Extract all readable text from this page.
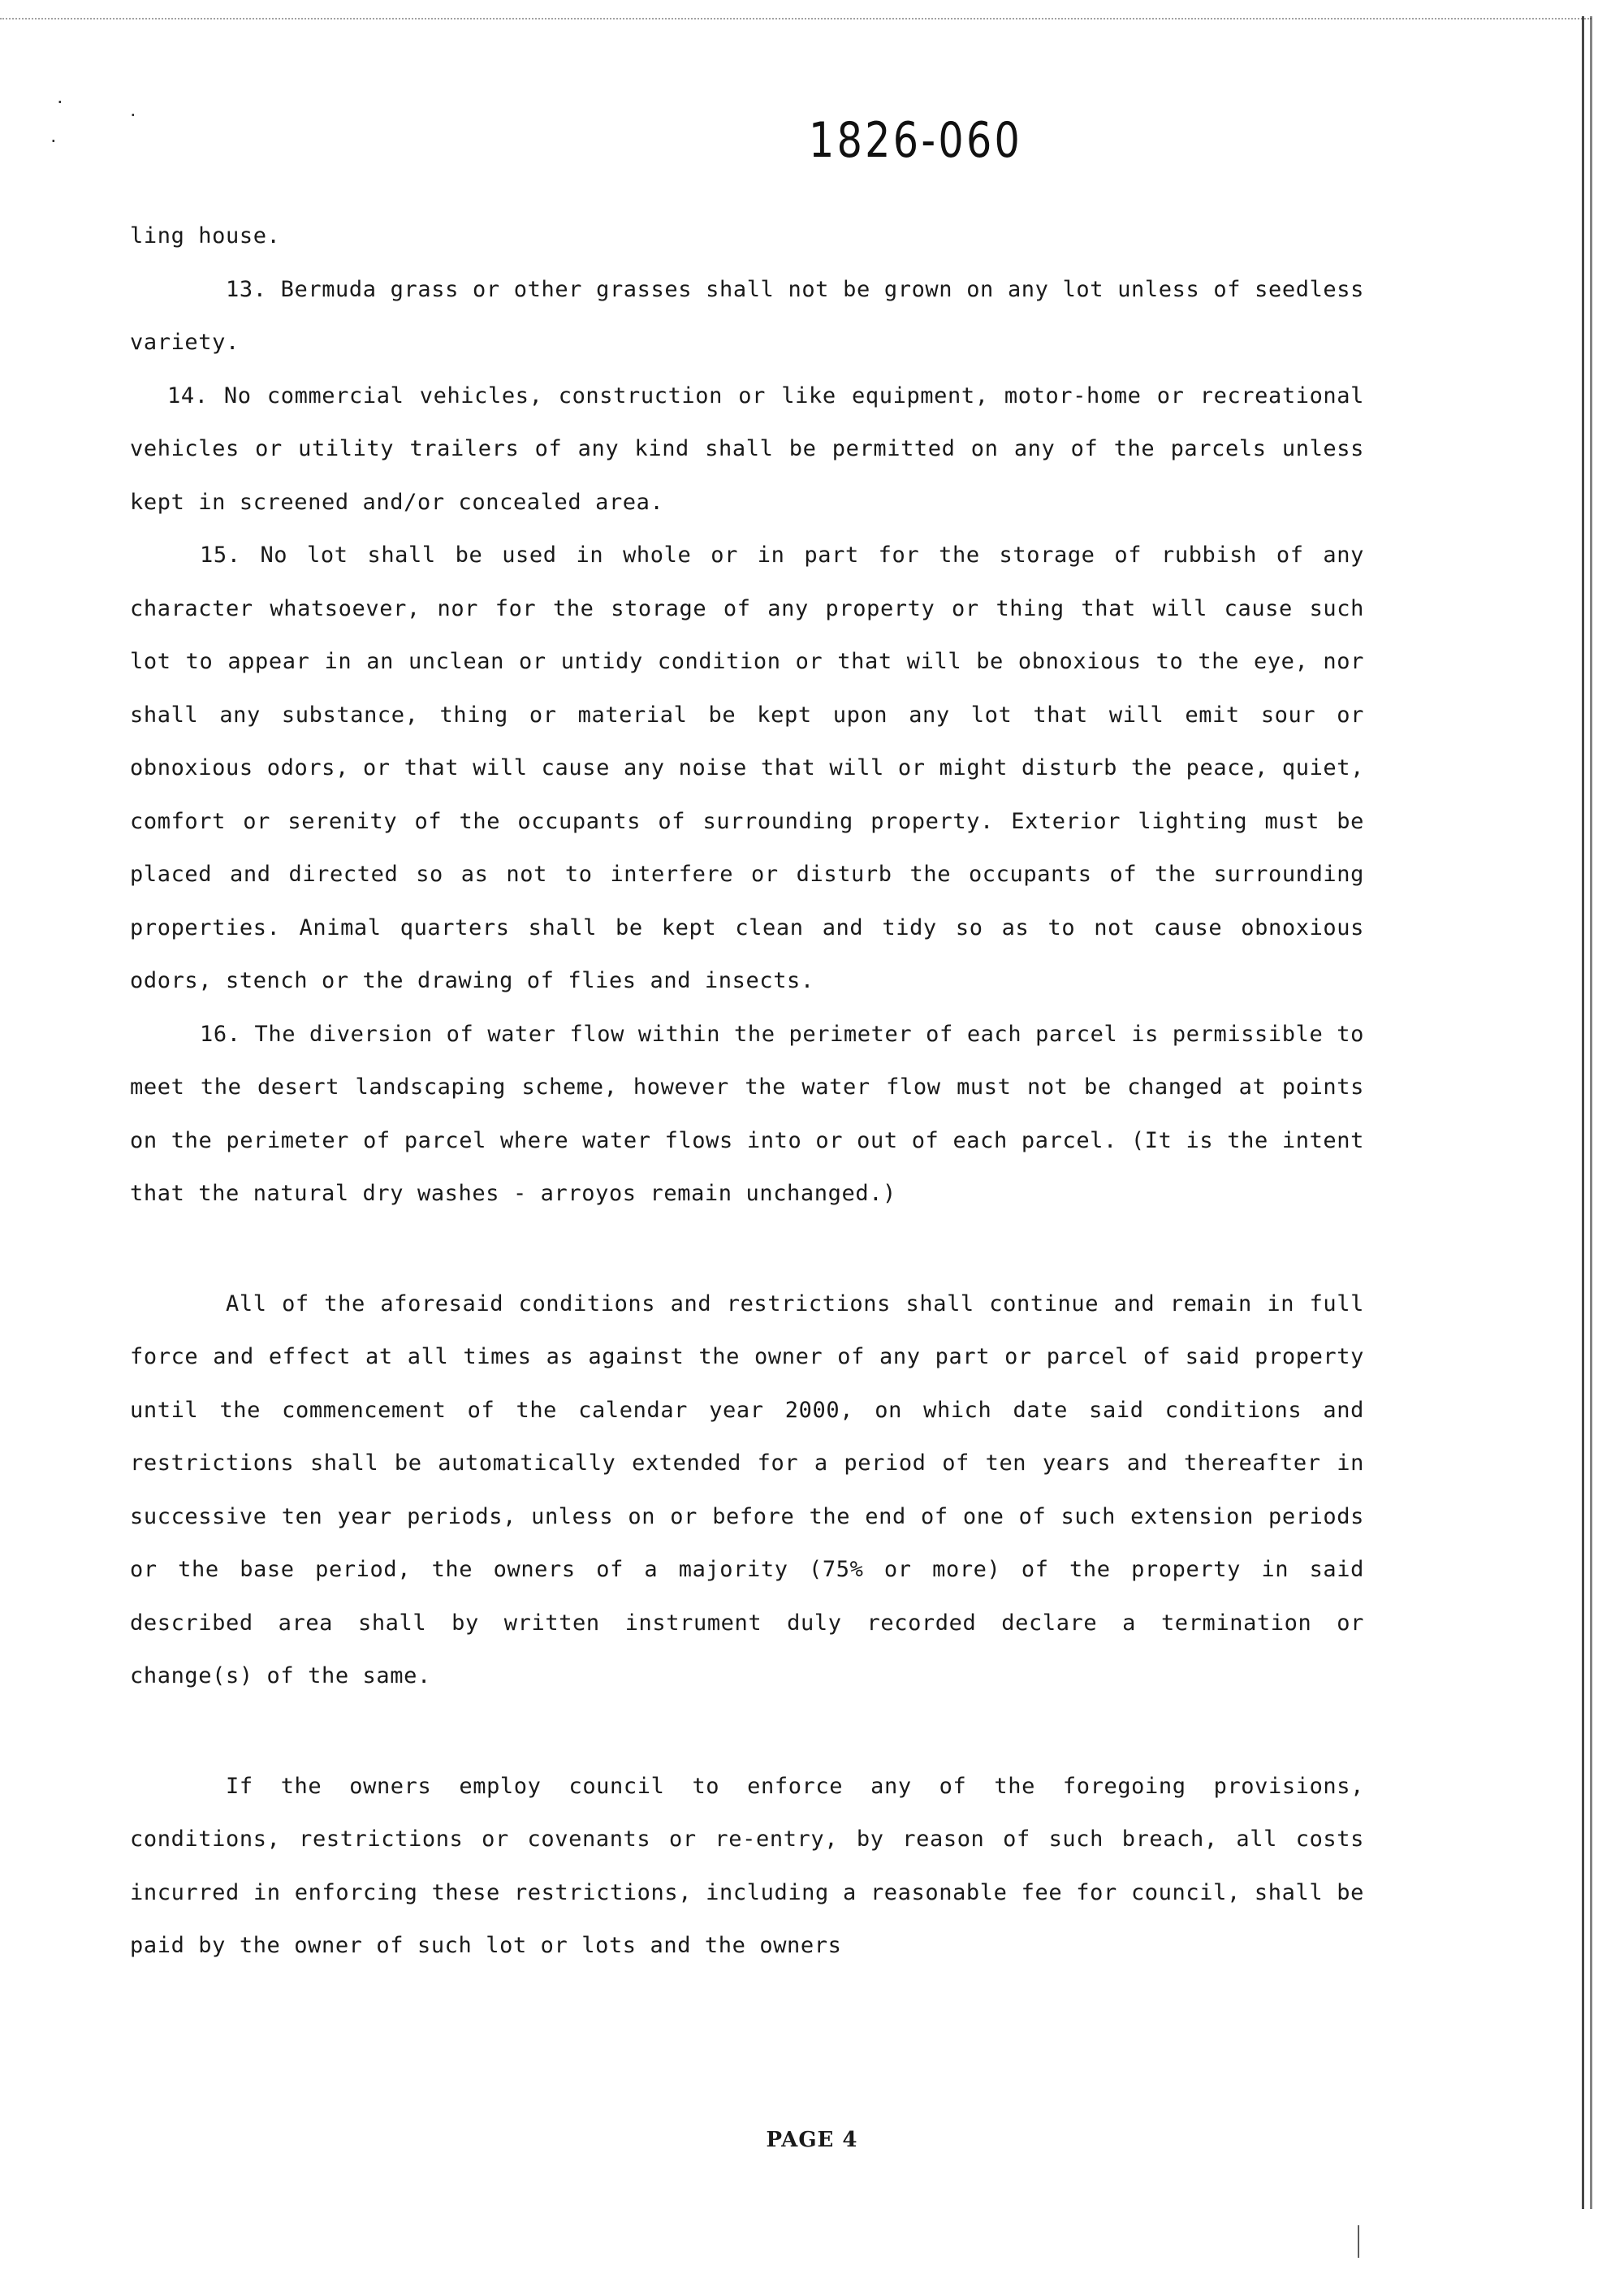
·
·
·	1826-060

ling house.

13. Bermuda grass or other grasses shall not be grown on any lot unless of seedless variety.

14. No commercial vehicles, construction or like equipment, motor-home or recreational vehicles or utility trailers of any kind shall be permitted on any of the parcels unless kept in screened and/or concealed area.

15. No lot shall be used in whole or in part for the storage of rubbish of any character whatsoever, nor for the storage of any property or thing that will cause such lot to appear in an unclean or untidy condition or that will be obnoxious to the eye, nor shall any substance, thing or material be kept upon any lot that will emit sour or obnoxious odors, or that will cause any noise that will or might disturb the peace, quiet, comfort or serenity of the occupants of surrounding property. Exterior lighting must be placed and directed so as not to interfere or disturb the occupants of the surrounding properties. Animal quarters shall be kept clean and tidy so as to not cause obnoxious odors, stench or the drawing of flies and insects.

16. The diversion of water flow within the perimeter of each parcel is permissible to meet the desert landscaping scheme, however the water flow must not be changed at points on the perimeter of parcel where water flows into or out of each parcel. (It is the intent that the natural dry washes - arroyos remain unchanged.)

All of the aforesaid conditions and restrictions shall continue and remain in full force and effect at all times as against the owner of any part or parcel of said property until the commencement of the calendar year 2000, on which date said conditions and restrictions shall be automatically extended for a period of ten years and thereafter in successive ten year periods, unless on or before the end of one of such extension periods or the base period, the owners of a majority (75% or more) of the property in said described area shall by written instrument duly recorded declare a termination or change(s) of the same.

If the owners employ council to enforce any of the foregoing provisions, conditions, restrictions or covenants or re-entry, by reason of such breach, all costs incurred in enforcing these restrictions, including a reasonable fee for council, shall be paid by the owner of such lot or lots and the owners

PAGE 4
